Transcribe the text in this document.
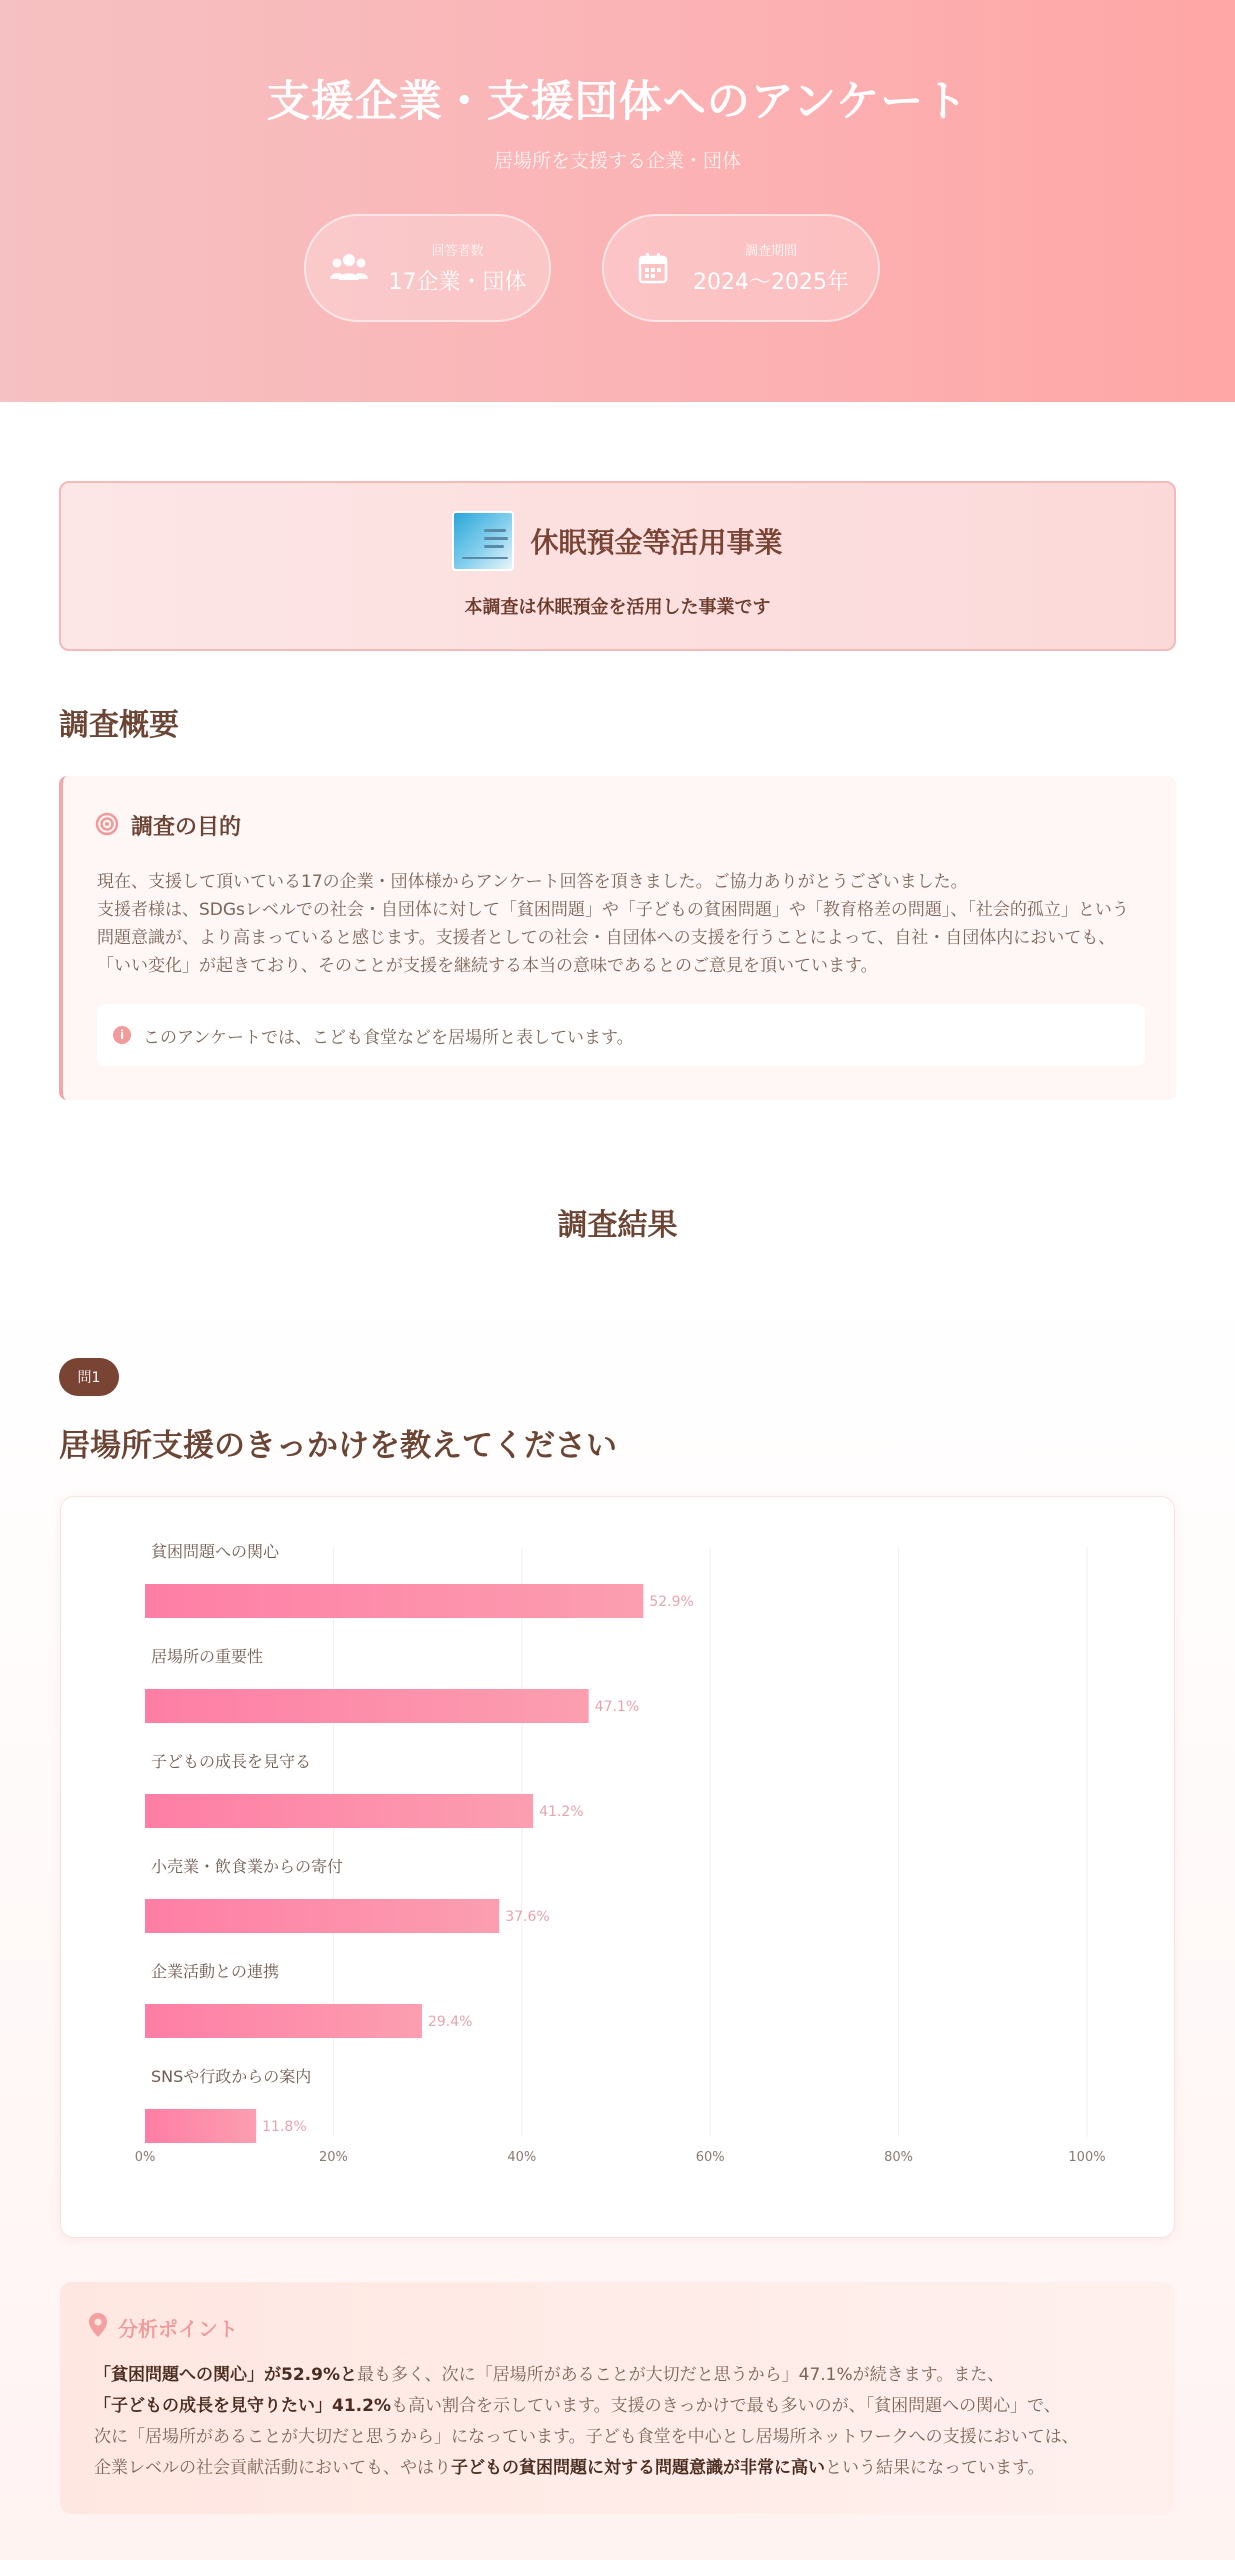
支援企業・支援団体へのアンケート
居場所を支援する企業・団体
回答者数
17企業・団体
調査期間
2024～2025年
休眠預金等活用事業
本調査は休眠預金を活用した事業です
調査概要
調査の目的
現在、支援して頂いている17の企業・団体様からアンケート回答を頂きました。ご協力ありがとうございました。
支援者様は、SDGsレベルでの社会・自団体に対して「貧困問題」や「子どもの貧困問題」や「教育格差の問題」、「社会的孤立」という
問題意識が、より高まっていると感じます。支援者としての社会・自団体への支援を行うことによって、自社・自団体内においても、
「いい変化」が起きており、そのことが支援を継続する本当の意味であるとのご意見を頂いています。
i	このアンケートでは、こども食堂などを居場所と表しています。
調査結果
問1
居場所支援のきっかけを教えてください
貧困問題への関心
52.9%
居場所の重要性
47.1%
子どもの成長を見守る
41.2%
小売業・飲食業からの寄付
37.6%
企業活動との連携
29.4%
SNSや行政からの案内
11.8%
0%	20%	40%	60%	80%	100%
分析ポイント
「貧困問題への関心」が52.9%と最も多く、次に「居場所があることが大切だと思うから」47.1%が続きます。また、
「子どもの成長を見守りたい」41.2%も高い割合を示しています。支援のきっかけで最も多いのが、「貧困問題への関心」で、
次に「居場所があることが大切だと思うから」になっています。子ども食堂を中心とし居場所ネットワークへの支援においては、
企業レベルの社会貢献活動においても、やはり子どもの貧困問題に対する問題意識が非常に高いという結果になっています。
